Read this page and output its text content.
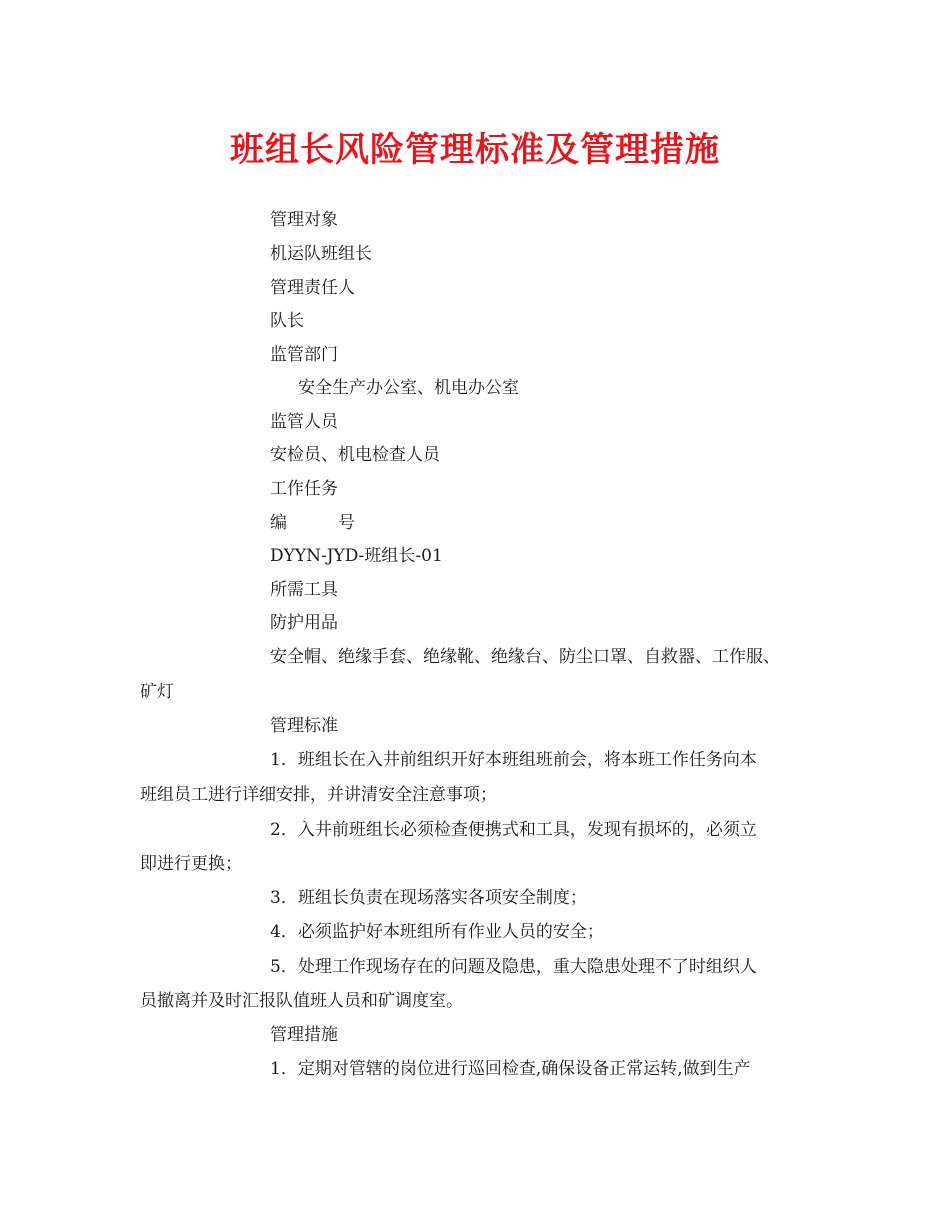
班组长风险管理标准及管理措施
管理对象
机运队班组长
管理责任人
队长
监管部门
安全生产办公室、机电办公室
监管人员
安检员、机电检查人员
工作任务
编　　　号
DYYN-JYD-班组长-01
所需工具
防护用品
安全帽、绝缘手套、绝缘靴、绝缘台、防尘口罩、自救器、工作服、
矿灯
管理标准
1．班组长在入井前组织开好本班组班前会，将本班工作任务向本
班组员工进行详细安排，并讲清安全注意事项；
2．入井前班组长必须检查便携式和工具，发现有损坏的，必须立
即进行更换；
3．班组长负责在现场落实各项安全制度；
4．必须监护好本班组所有作业人员的安全；
5．处理工作现场存在的问题及隐患，重大隐患处理不了时组织人
员撤离并及时汇报队值班人员和矿调度室。
管理措施
1．定期对管辖的岗位进行巡回检查,确保设备正常运转,做到生产
